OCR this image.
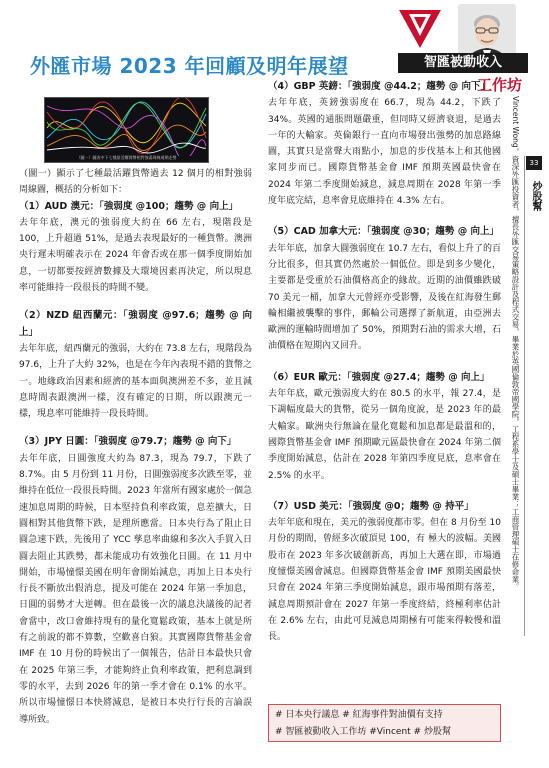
外匯市場 2023 年回顧及明年展望	智匯被動收入
工作坊
（圖一）圖表中下七種最活躍貨幣相對強弱周線週期走勢

（圖一）顯示了七種最活躍貨幣過去 12 個月的相對強弱周線圖，概括的分析如下：

（1）AUD 澳元：「強弱度 @100；趨勢 @ 向上」

去年年底，澳元的強弱度大約在 66 左右，現階段是 100，上升超過 51%，是過去表現最好的一種貨幣。澳洲央行遲未明確表示在 2024 年會否或在那一個季度開始加息，一切都要按經濟數據及大環境因素再決定，所以現息率可能維持一段很長的時間不變。

（2）NZD 紐西蘭元：「強弱度 @97.6；趨勢 @ 向上」

去年年底，紐西蘭元的強弱，大約在 73.8 左右，現階段為 97.6，上升了大約 32%，也是在今年內表現不錯的貨幣之一。地緣政治因素和經濟的基本面與澳洲差不多，並且減息時間表跟澳洲一樣，沒有確定的日期，所以跟澳元一樣，現息率可能維持一段長時間。

（3）JPY 日圓：「強弱度 @79.7；趨勢 @ 向下」

去年年底，日圓強度大約為 87.3，現為 79.7，下跌了 8.7%。由 5 月份到 11 月份，日圓強弱度多次跌至零，並維持在低位一段很長時間。2023 年當所有國家處於一個急速加息周期的時候，日本堅持負利率政策，息差擴大，日圓相對其他貨幣下跌，是理所應當。日本央行為了阻止日圓急速下跌，先後用了 YCC 孳息率曲線和多次入手買入日圓去阻止其跌勢，都未能成功有效強化日圓。在 11 月中開始，市場憧憬美國在明年會開始減息，再加上日本央行行長不斷放出假消息，提及可能在 2024 年第一季加息，日圓的弱勢才大逆轉。但在最後一次的議息決議後的記者會當中，改口會維持現有的量化寬鬆政策，基本上就是所有之前說的都不算數，空歡喜白狼。其實國際貨幣基金會 IMF 在 10 月份的時候出了一個報告，估計日本最快只會在 2025 年第三季，才能夠終止負利率政策，把利息調到零的水平，去到 2026 年的第一季才會在 0.1% 的水平。所以市場憧憬日本快將減息，是被日本央行行長的言論誤導所致。

（4）GBP 英鎊：「強弱度 @44.2；趨勢 @ 向下」

去年年底，英鎊強弱度在 66.7，現為 44.2，下跌了 34%。英國的通脹問題嚴重，但同時又經濟衰退，是過去一年的大輸家。英倫銀行一直向市場發出強勢的加息路線圖，其實只是當聲大雨點小，加息的步伐基本上和其他國家同步而已。國際貨幣基金會 IMF 預期英國最快會在 2024 年第二季度開始減息，減息周期在 2028 年第一季度年底完結，息率會見底維持在 4.3% 左右。

（5）CAD 加拿大元：「強弱度 @30；趨勢 @ 向上」

去年年底，加拿大圓強弱度在 10.7 左右，看似上升了的百分比很多，但其實仍然處於一個低位。即是到多少變化，主要都是受重於石油價格高企的緣故。近期的油價雖跌破 70 美元一桶，加拿大元曾經亦受影響，及後在紅海發生郵輪相繼被襲擊的事件，郵輪公司選擇了新航道，由亞洲去歐洲的運輸時間增加了 50%，預期對石油的需求大增，石油價格在短期內又回升。

（6）EUR 歐元：「強弱度 @27.4；趨勢 @ 向上」

去年年底，歐元強弱度大約在 80.5 的水平，報 27.4，是下調幅度最大的貨幣，從另一個角度說，是 2023 年的最大輸家。歐洲央行無論在量化寬鬆和加息都是最溫和的，國際貨幣基金會 IMF 預期歐元區最快會在 2024 年第二個季度開始減息，估計在 2028 年第四季度見底，息率會在 2.5% 的水平。

（7）USD 美元：「強弱度 @0；趨勢 @ 持平」

去年年底和現在，美元的強弱度都市零。但在 8 月份至 10 月份的期間，曾經多次破頂見 100，有 極大的波幅。美國股市在 2023 年多次破創新高，再加上大選在即，市場過度憧憬美國會減息。但國際貨幣基金會 IMF 預期美國最快只會在 2024 年第三季度開始減息，跟市場預期有落差，減息周期預計會在 2027 年第一季度終結，終極利率估計在 2.6% 左右，由此可見減息周期極有可能來得較慢和溫長。

# 日本央行議息 # 紅海事件對油價有支持
# 智匯被動收入工作坊 #Vincent # 炒股幫
Vincent Wong，資深外匯投資者，擅長外匯交易策略設計及程式交易，畢業於英國倫敦帝國學院，工程系學士及碩士畢業；工商管理碩士在修命業。	33
炒股幫
